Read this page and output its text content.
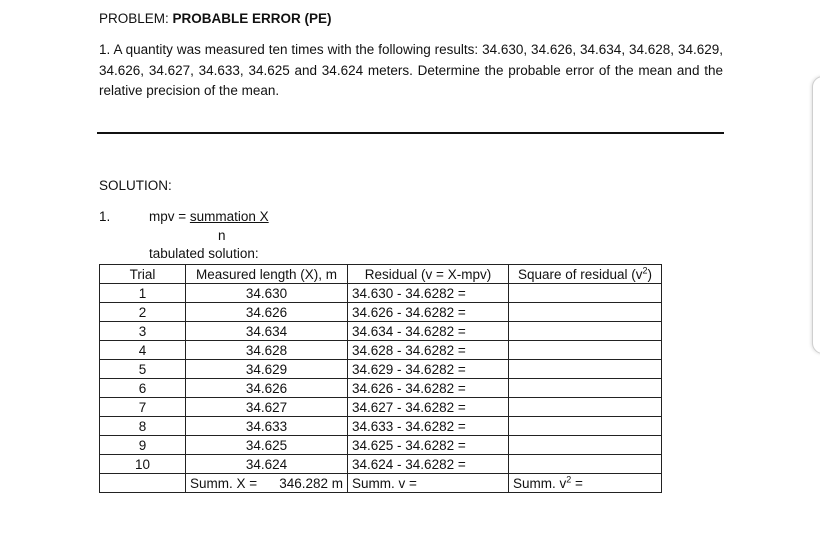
PROBLEM: PROBABLE ERROR (PE)
1. A quantity was measured ten times with the following results: 34.630, 34.626, 34.634, 34.628, 34.629, 34.626, 34.627, 34.633, 34.625 and 34.624 meters. Determine the probable error of the mean and the relative precision of the mean.
SOLUTION:
1.	mpv = summation X
n
tabulated solution:
Trial	Measured length (X), m	Residual (v = X-mpv)	Square of residual $(v^2)$
1	34.630	34.630 - 34.6282 =	
2	34.626	34.626 - 34.6282 =	
3	34.634	34.634 - 34.6282 =	
4	34.628	34.628 - 34.6282 =	
5	34.629	34.629 - 34.6282 =	
6	34.626	34.626 - 34.6282 =	
7	34.627	34.627 - 34.6282 =	
8	34.633	34.633 - 34.6282 =	
9	34.625	34.625 - 34.6282 =	
10	34.624	34.624 - 34.6282 =	

	Summ. X = 346.282 m	Summ. v =	Summ. $v^2$ =
